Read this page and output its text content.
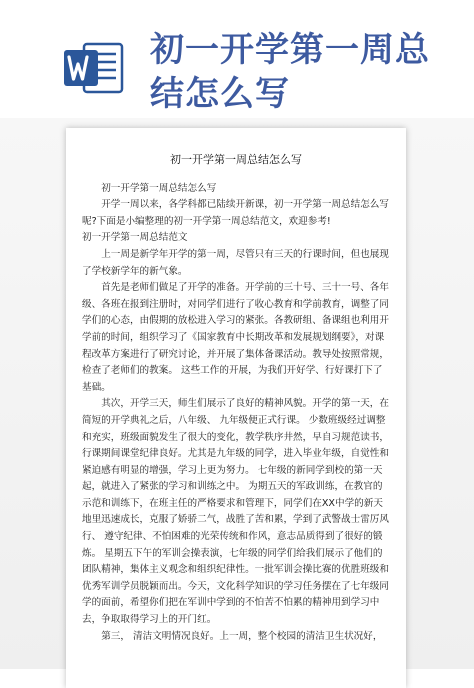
初一开学第一周总结怎么写
初一开学第一周总结怎么写

初一开学第一周总结怎么写

开学一周以来，各学科都已陆续开新课，初一开学第一周总结怎么写呢?下面是小编整理的初一开学第一周总结范文，欢迎参考!

初一开学第一周总结范文

上一周是新学年开学的第一周，尽管只有三天的行课时间，但也展现了学校新学年的新气象。

首先是老师们做足了开学的准备。开学前的三十号、三十一号、各年级、各班在报到注册时，对同学们进行了收心教育和学前教育，调整了同学们的心态，由假期的放松进入学习的紧张。各教研组、备课组也利用开学前的时间，组织学习了《国家教育中长期改革和发展规划纲要》，对课程改革方案进行了研究讨论，并开展了集体备课活动。教导处按照常规，检查了老师们的教案。 这些工作的开展，为我们开好学、行好课打下了基础。

其次，开学三天，师生们展示了良好的精神风貌。开学的第一天，在简短的开学典礼之后，八年级、 九年级便正式行课。 少数班级经过调整和充实，班级面貌发生了很大的变化，教学秩序井然，早自习规范读书，行课期间课堂纪律良好。尤其是九年级的同学，进入毕业年级，自觉性和紧迫感有明显的增强，学习上更为努力。 七年级的新同学到校的第一天起，就进入了紧张的学习和训练之中。 为期五天的军政训练，在教官的示范和训练下，在班主任的严格要求和管理下，同学们在XX中学的新天地里迅速成长，克服了娇骄二气，战胜了苦和累，学到了武警战士雷厉风行、 遵守纪律、不怕困难的光荣传统和作风，意志品质得到了很好的锻炼。 星期五下午的军训会操表演，七年级的同学们给我们展示了他们的团队精神，集体主义观念和组织纪律性。一批军训会操比赛的优胜班级和优秀军训学员脱颖而出。今天，文化科学知识的学习任务摆在了七年级同学的面前，希望你们把在军训中学到的不怕苦不怕累的精神用到学习中去，争取取得学习上的开门红。

第三， 清洁文明情况良好。上一周，整个校园的清洁卫生状况好，
